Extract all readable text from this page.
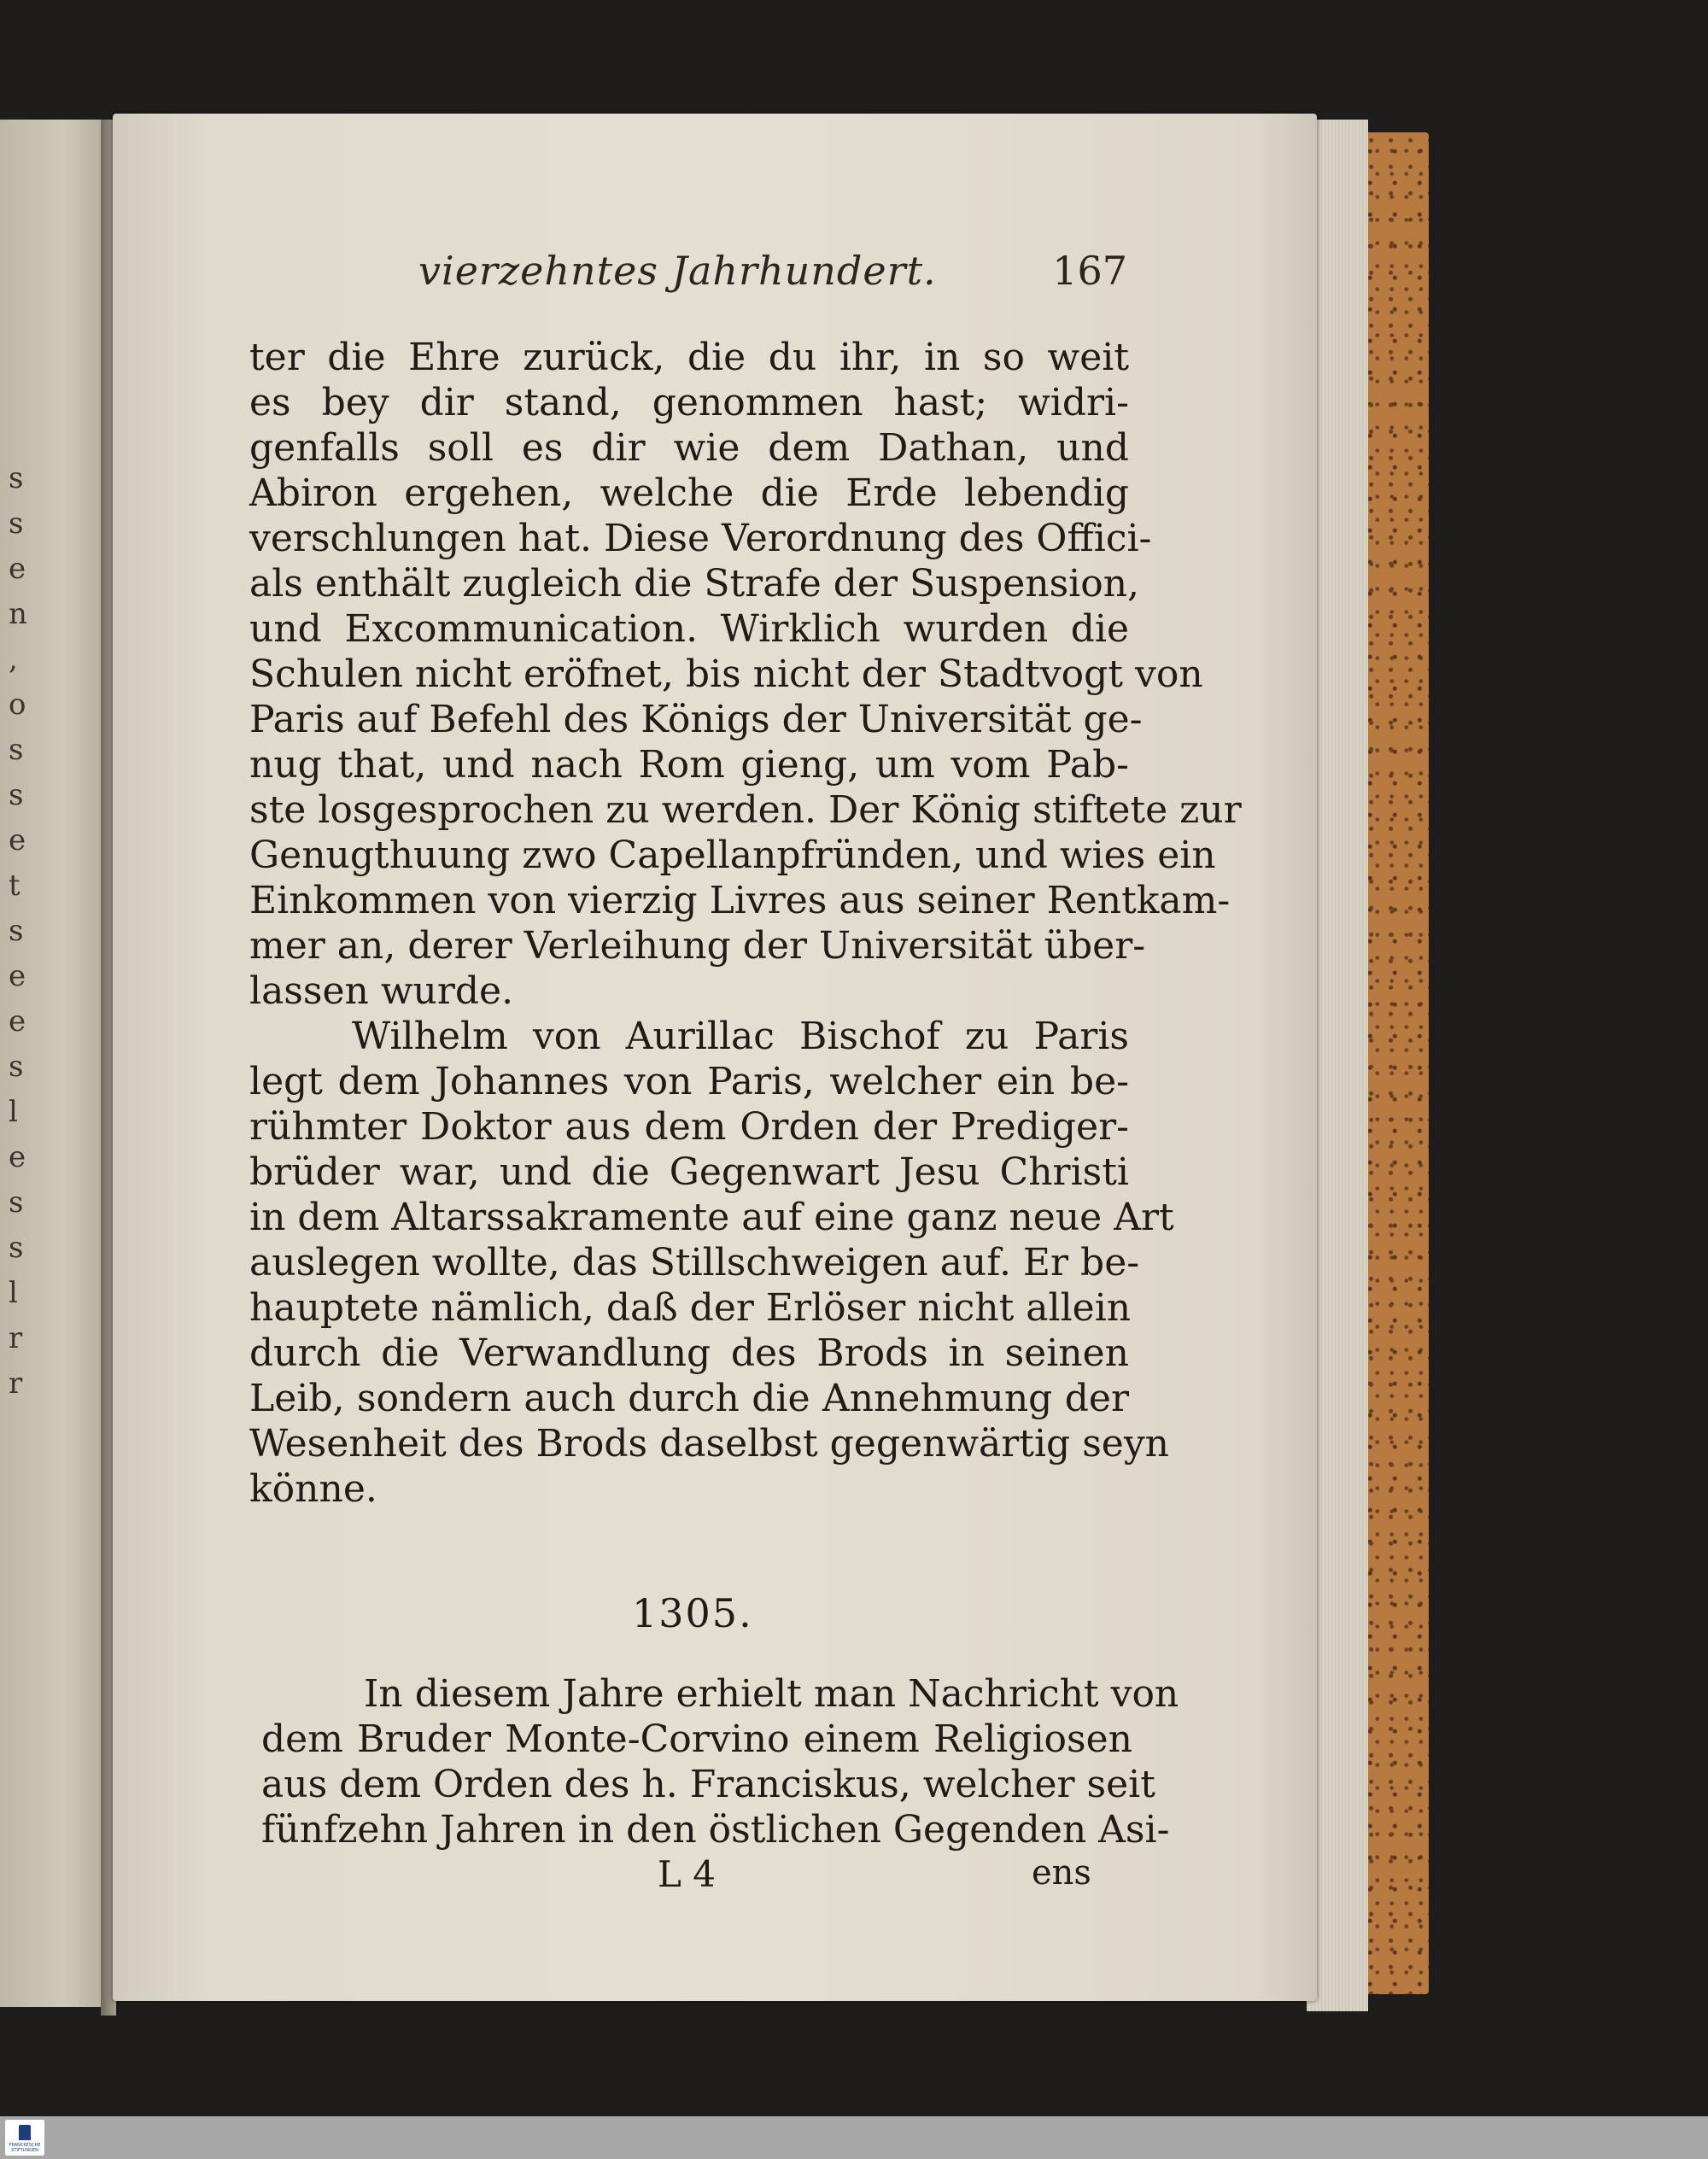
s
s
e
n
,
o
s
s
e
t
s
e
e
s
l
e
s
s
l
r
r
vierzehntes Jahrhundert.	167
ter die Ehre zurück, die du ihr, in so weit
es bey dir stand, genommen hast; widri-
genfalls soll es dir wie dem Dathan, und
Abiron ergehen, welche die Erde lebendig
verschlungen hat. Diese Verordnung des Offici-
als enthält zugleich die Strafe der Suspension,
und Excommunication. Wirklich wurden die
Schulen nicht eröfnet, bis nicht der Stadtvogt von
Paris auf Befehl des Königs der Universität ge-
nug that, und nach Rom gieng, um vom Pab-
ste losgesprochen zu werden. Der König stiftete zur
Genugthuung zwo Capellanpfründen, und wies ein
Einkommen von vierzig Livres aus seiner Rentkam-
mer an, derer Verleihung der Universität über-
lassen wurde.
Wilhelm von Aurillac Bischof zu Paris
legt dem Johannes von Paris, welcher ein be-
rühmter Doktor aus dem Orden der Prediger-
brüder war, und die Gegenwart Jesu Christi
in dem Altarssakramente auf eine ganz neue Art
auslegen wollte, das Stillschweigen auf. Er be-
hauptete nämlich, daß der Erlöser nicht allein
durch die Verwandlung des Brods in seinen
Leib, sondern auch durch die Annehmung der
Wesenheit des Brods daselbst gegenwärtig seyn
könne.
1305.
In diesem Jahre erhielt man Nachricht von
dem Bruder Monte-Corvino einem Religiosen
aus dem Orden des h. Franciskus, welcher seit
fünfzehn Jahren in den östlichen Gegenden Asi-
L 4	ens
FRANCKESCHE STIFTUNGEN
